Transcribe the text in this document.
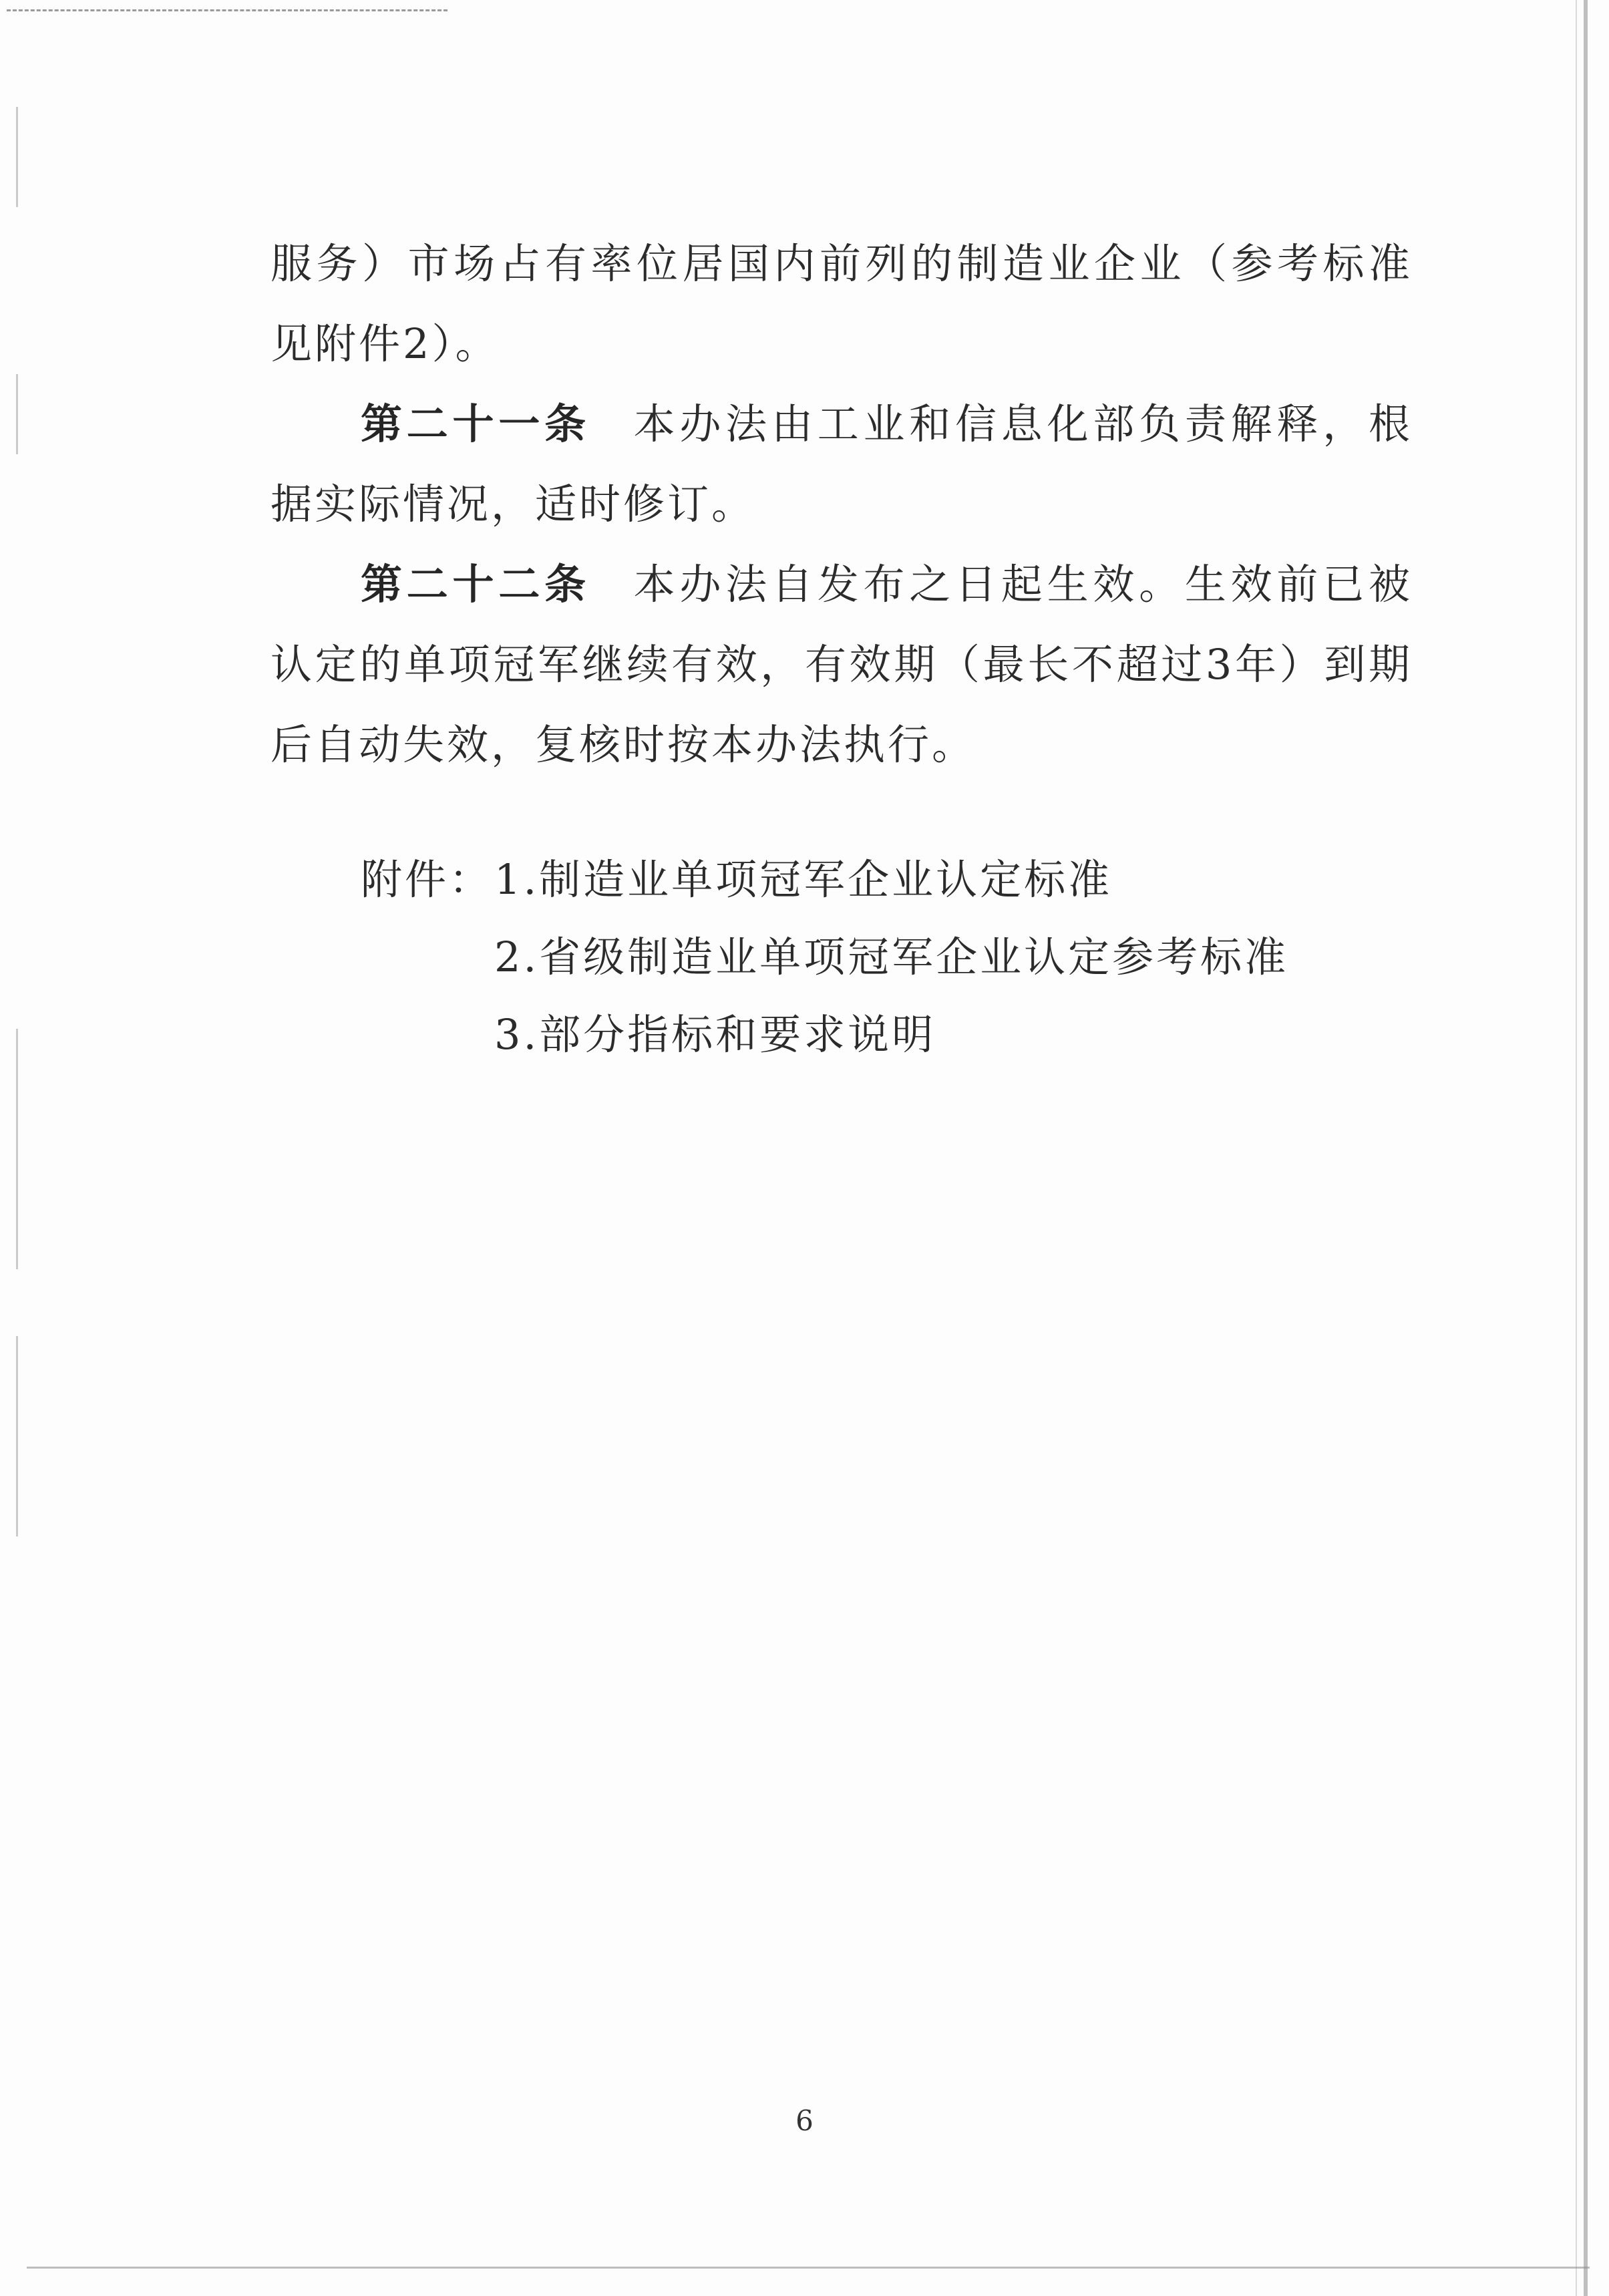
服务）市场占有率位居国内前列的制造业企业（参考标准见附件2）。

第二十一条 本办法由工业和信息化部负责解释，根据实际情况，适时修订。

第二十二条 本办法自发布之日起生效。生效前已被认定的单项冠军继续有效，有效期（最长不超过3年）到期后自动失效，复核时按本办法执行。

附件： 1.制造业单项冠军企业认定标准
2.省级制造业单项冠军企业认定参考标准
3.部分指标和要求说明
6
